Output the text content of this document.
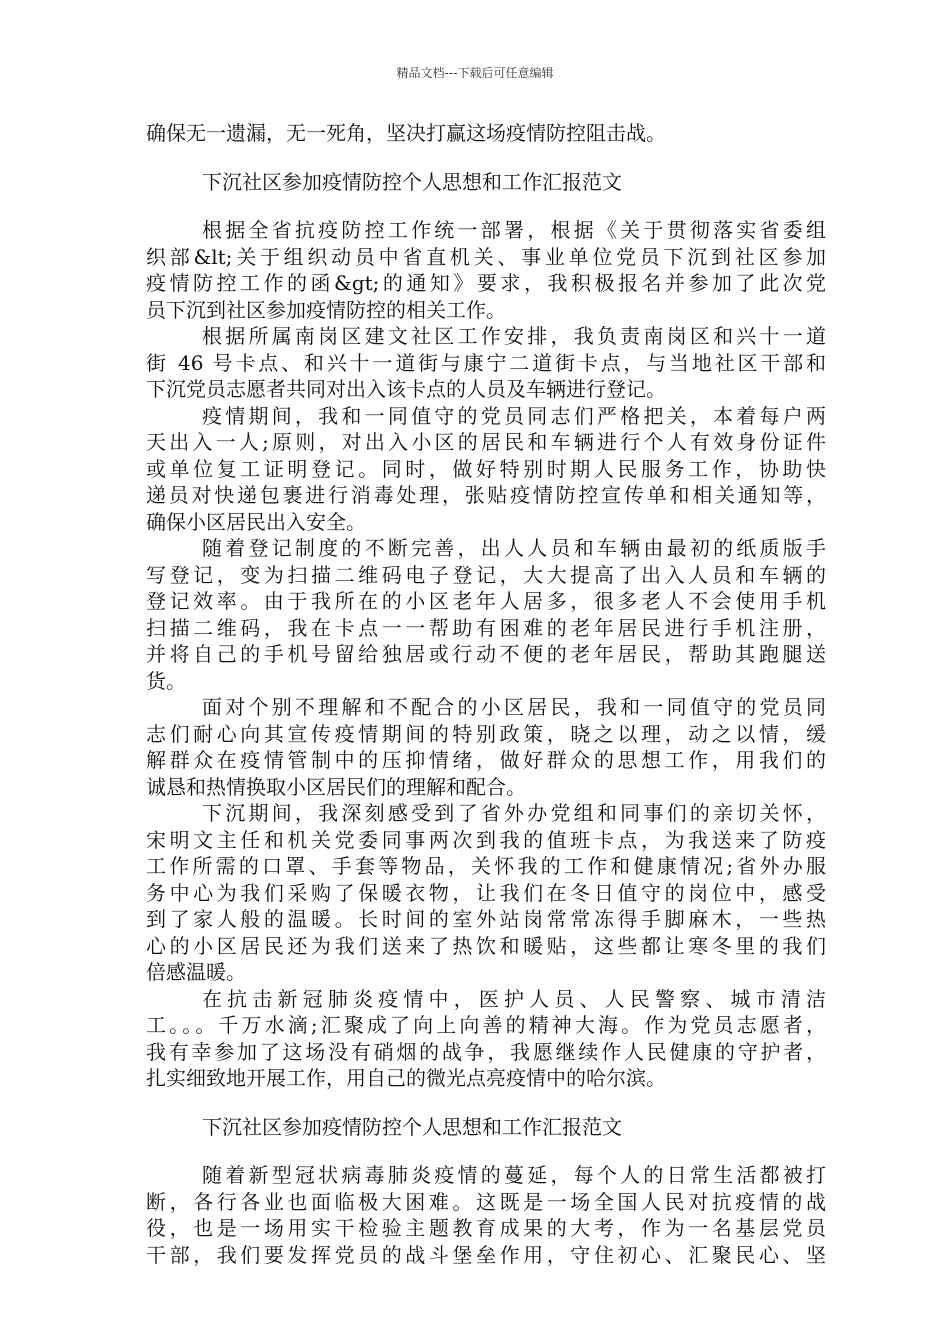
精品文档---下载后可任意编辑
确保无一遗漏，无一死角，坚决打赢这场疫情防控阻击战。
下沉社区参加疫情防控个人思想和工作汇报范文
根据全省抗疫防控工作统一部署，根据《关于贯彻落实省委组
织部&lt;关于组织动员中省直机关、事业单位党员下沉到社区参加
疫情防控工作的函&gt;的通知》要求，我积极报名并参加了此次党
员下沉到社区参加疫情防控的相关工作。
根据所属南岗区建文社区工作安排，我负责南岗区和兴十一道
街 46 号卡点、和兴十一道街与康宁二道街卡点，与当地社区干部和
下沉党员志愿者共同对出入该卡点的人员及车辆进行登记。
疫情期间，我和一同值守的党员同志们严格把关，本着每户两
天出入一人;原则，对出入小区的居民和车辆进行个人有效身份证件
或单位复工证明登记。同时，做好特别时期人民服务工作，协助快
递员对快递包裹进行消毒处理，张贴疫情防控宣传单和相关通知等，
确保小区居民出入安全。
随着登记制度的不断完善，出人人员和车辆由最初的纸质版手
写登记，变为扫描二维码电子登记，大大提高了出入人员和车辆的
登记效率。由于我所在的小区老年人居多，很多老人不会使用手机
扫描二维码，我在卡点一一帮助有困难的老年居民进行手机注册，
并将自己的手机号留给独居或行动不便的老年居民，帮助其跑腿送
货。
面对个别不理解和不配合的小区居民，我和一同值守的党员同
志们耐心向其宣传疫情期间的特别政策，晓之以理，动之以情，缓
解群众在疫情管制中的压抑情绪，做好群众的思想工作，用我们的
诚恳和热情换取小区居民们的理解和配合。
下沉期间，我深刻感受到了省外办党组和同事们的亲切关怀，
宋明文主任和机关党委同事两次到我的值班卡点，为我送来了防疫
工作所需的口罩、手套等物品，关怀我的工作和健康情况;省外办服
务中心为我们采购了保暖衣物，让我们在冬日值守的岗位中，感受
到了家人般的温暖。长时间的室外站岗常常冻得手脚麻木，一些热
心的小区居民还为我们送来了热饮和暖贴，这些都让寒冬里的我们
倍感温暖。
在抗击新冠肺炎疫情中，医护人员、人民警察、城市清洁
工。。。千万水滴;汇聚成了向上向善的精神大海。作为党员志愿者，
我有幸参加了这场没有硝烟的战争，我愿继续作人民健康的守护者，
扎实细致地开展工作，用自己的微光点亮疫情中的哈尔滨。
下沉社区参加疫情防控个人思想和工作汇报范文
随着新型冠状病毒肺炎疫情的蔓延，每个人的日常生活都被打
断，各行各业也面临极大困难。这既是一场全国人民对抗疫情的战
役，也是一场用实干检验主题教育成果的大考，作为一名基层党员
干部，我们要发挥党员的战斗堡垒作用，守住初心、汇聚民心、坚
